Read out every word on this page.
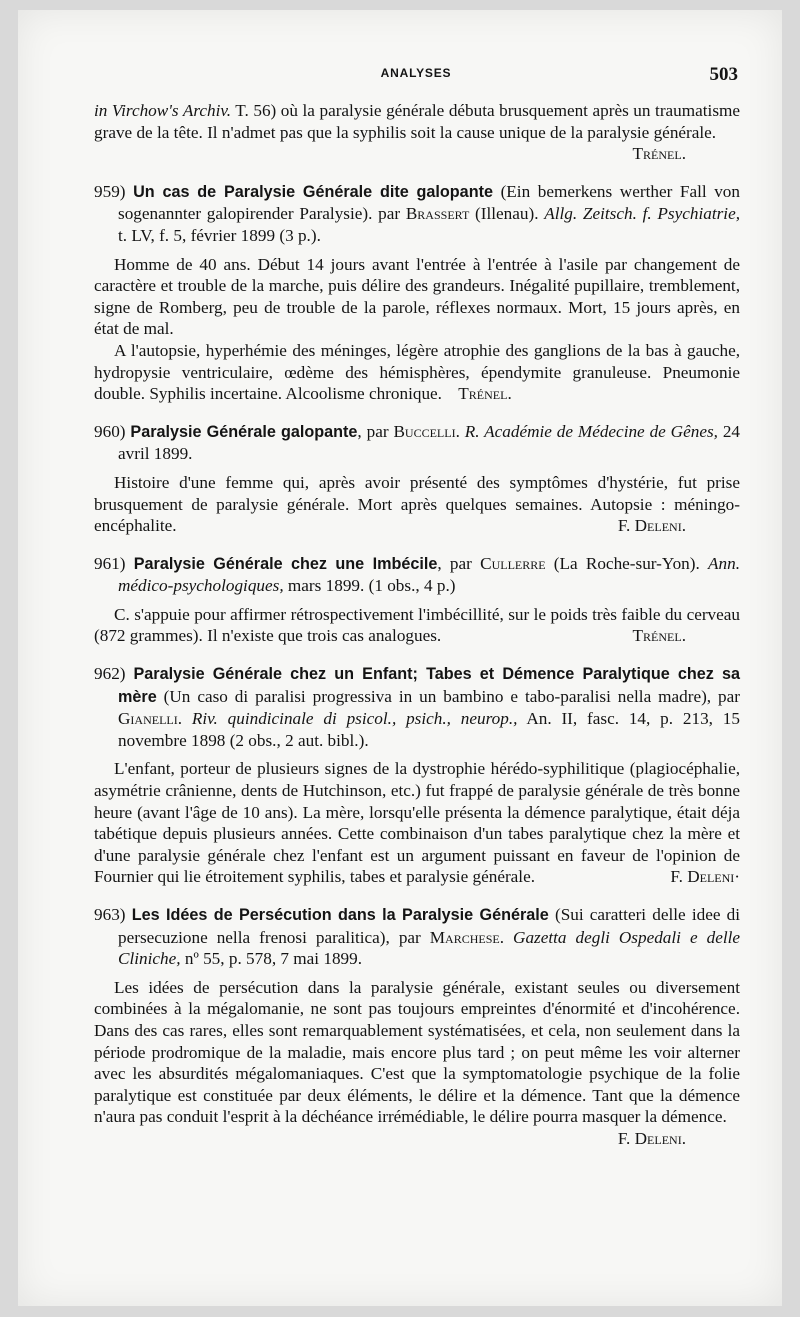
ANALYSES	503

in Virchow's Archiv. T. 56) où la paralysie générale débuta brusquement après un traumatisme grave de la tête. Il n'admet pas que la syphilis soit la cause unique de la paralysie générale.
Trénel.

959) Un cas de Paralysie Générale dite galopante (Ein bemerkens werther Fall von sogenannter galopirender Paralysie). par Brassert (Illenau). Allg. Zeitsch. f. Psychiatrie, t. LV, f. 5, février 1899 (3 p.).

Homme de 40 ans. Début 14 jours avant l'entrée à l'entrée à l'asile par changement de caractère et trouble de la marche, puis délire des grandeurs. Inégalité pupillaire, tremblement, signe de Romberg, peu de trouble de la parole, réflexes normaux. Mort, 15 jours après, en état de mal.

A l'autopsie, hyperhémie des méninges, légère atrophie des ganglions de la bas à gauche, hydropysie ventriculaire, œdème des hémisphères, épendymite granuleuse. Pneumonie double. Syphilis incertaine. Alcoolisme chronique. Trénel.

960) Paralysie Générale galopante, par Buccelli. R. Académie de Médecine de Gênes, 24 avril 1899.

Histoire d'une femme qui, après avoir présenté des symptômes d'hystérie, fut prise brusquement de paralysie générale. Mort après quelques semaines. Autopsie : méningo-encéphalite.	F. Deleni.

961) Paralysie Générale chez une Imbécile, par Cullerre (La Roche-sur-Yon). Ann. médico-psychologiques, mars 1899. (1 obs., 4 p.)

C. s'appuie pour affirmer rétrospectivement l'imbécillité, sur le poids très faible du cerveau (872 grammes). Il n'existe que trois cas analogues.	Trénel.

962) Paralysie Générale chez un Enfant; Tabes et Démence Paralytique chez sa mère (Un caso di paralisi progressiva in un bambino e tabo-paralisi nella madre), par Gianelli. Riv. quindicinale di psicol., psich., neurop., An. II, fasc. 14, p. 213, 15 novembre 1898 (2 obs., 2 aut. bibl.).

L'enfant, porteur de plusieurs signes de la dystrophie hérédo-syphilitique (plagiocéphalie, asymétrie crânienne, dents de Hutchinson, etc.) fut frappé de paralysie générale de très bonne heure (avant l'âge de 10 ans). La mère, lorsqu'elle présenta la démence paralytique, était déja tabétique depuis plusieurs années. Cette combinaison d'un tabes paralytique chez la mère et d'une paralysie générale chez l'enfant est un argument puissant en faveur de l'opinion de Fournier qui lie étroitement syphilis, tabes et paralysie générale.	F. Deleni·

963) Les Idées de Persécution dans la Paralysie Générale (Sui caratteri delle idee di persecuzione nella frenosi paralitica), par Marchese. Gazetta degli Ospedali e delle Cliniche, nº 55, p. 578, 7 mai 1899.

Les idées de persécution dans la paralysie générale, existant seules ou diversement combinées à la mégalomanie, ne sont pas toujours empreintes d'énormité et d'incohérence. Dans des cas rares, elles sont remarquablement systématisées, et cela, non seulement dans la période prodromique de la maladie, mais encore plus tard ; on peut même les voir alterner avec les absurdités mégalomaniaques. C'est que la symptomatologie psychique de la folie paralytique est constituée par deux éléments, le délire et la démence. Tant que la démence n'aura pas conduit l'esprit à la déchéance irrémédiable, le délire pourra masquer la démence.
F. Deleni.
